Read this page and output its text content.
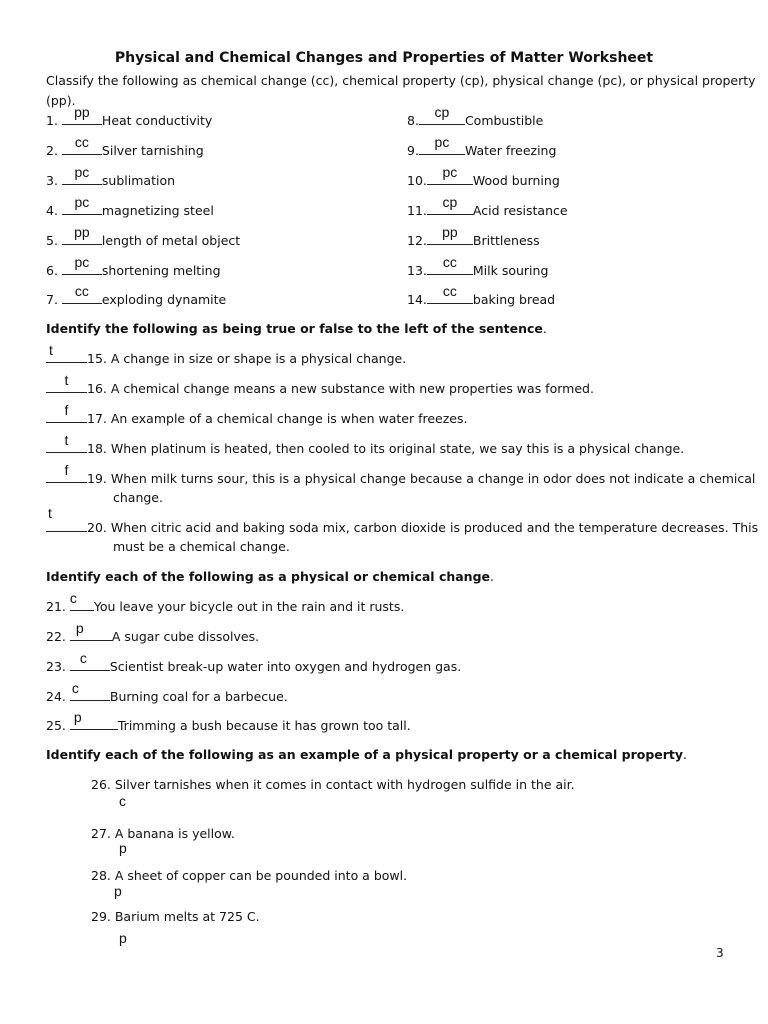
Physical and Chemical Changes and Properties of Matter Worksheet
Classify the following as chemical change (cc), chemical property (cp), physical change (pc), or physical property
(pp).
1.
pp
Heat conductivity
2.
cc
Silver tarnishing
3.
pc
sublimation
4.
pc
magnetizing steel
5.
pp
length of metal object
6.
pc
shortening melting
7.
cc
exploding dynamite
8.
cp
Combustible
9.
pc
Water freezing
10.
pc
Wood burning
11.
cp
Acid resistance
12.
pp
Brittleness
13.
cc
Milk souring
14.
cc
baking bread
Identify the following as being true or false to the left of the sentence.
t
15. A change in size or shape is a physical change.
t
16. A chemical change means a new substance with new properties was formed.
f
17. An example of a chemical change is when water freezes.
t
18. When platinum is heated, then cooled to its original state, we say this is a physical change.
f
19. When milk turns sour, this is a physical change because a change in odor does not indicate a chemical
change.
t
20. When citric acid and baking soda mix, carbon dioxide is produced and the temperature decreases. This
must be a chemical change.
Identify each of the following as a physical or chemical change.
21.
c
You leave your bicycle out in the rain and it rusts.
22.
p
A sugar cube dissolves.
23.
c
Scientist break-up water into oxygen and hydrogen gas.
24.
c
Burning coal for a barbecue.
25.
p
Trimming a bush because it has grown too tall.
Identify each of the following as an example of a physical property or a chemical property.
26. Silver tarnishes when it comes in contact with hydrogen sulfide in the air.
c
27. A banana is yellow.
p
28. A sheet of copper can be pounded into a bowl.
p
29. Barium melts at 725 C.
p
3
